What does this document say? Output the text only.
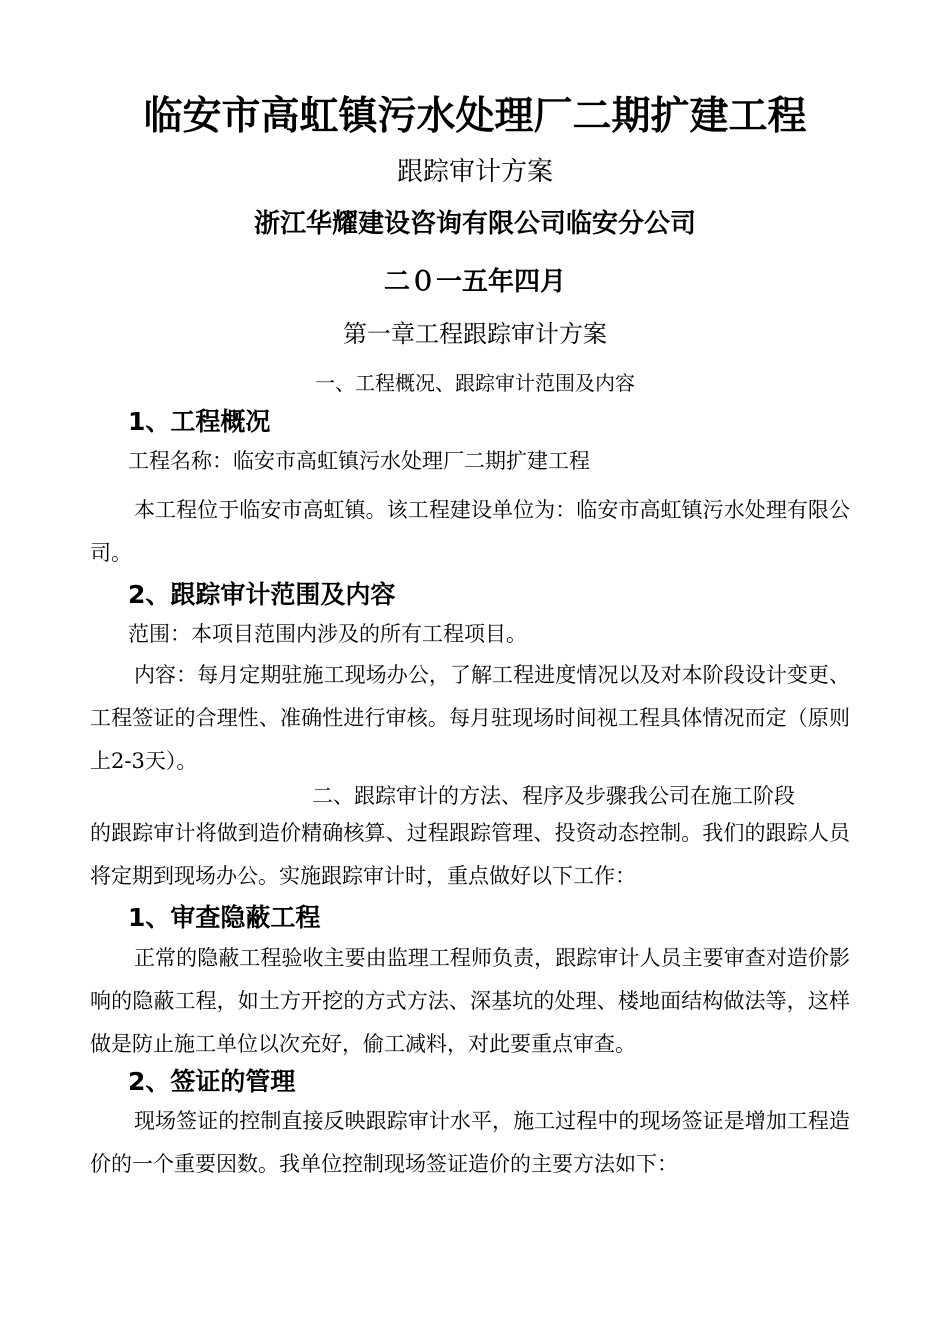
临安市高虹镇污水处理厂二期扩建工程
跟踪审计方案
浙江华耀建设咨询有限公司临安分公司
二０一五年四月
第一章工程跟踪审计方案
一、工程概况、跟踪审计范围及内容
1、工程概况
工程名称：临安市高虹镇污水处理厂二期扩建工程

本工程位于临安市高虹镇。该工程建设单位为：临安市高虹镇污水处理有限公司。

2、跟踪审计范围及内容
范围：本项目范围内涉及的所有工程项目。

内容：每月定期驻施工现场办公，了解工程进度情况以及对本阶段设计变更、工程签证的合理性、准确性进行审核。每月驻现场时间视工程具体情况而定（原则上2-3天）。

二、跟踪审计的方法、程序及步骤我公司在施工阶段

的跟踪审计将做到造价精确核算、过程跟踪管理、投资动态控制。我们的跟踪人员将定期到现场办公。实施跟踪审计时，重点做好以下工作：

1、审查隐蔽工程

正常的隐蔽工程验收主要由监理工程师负责，跟踪审计人员主要审查对造价影响的隐蔽工程，如土方开挖的方式方法、深基坑的处理、楼地面结构做法等，这样做是防止施工单位以次充好，偷工减料，对此要重点审查。

2、签证的管理

现场签证的控制直接反映跟踪审计水平，施工过程中的现场签证是增加工程造价的一个重要因数。我单位控制现场签证造价的主要方法如下：
